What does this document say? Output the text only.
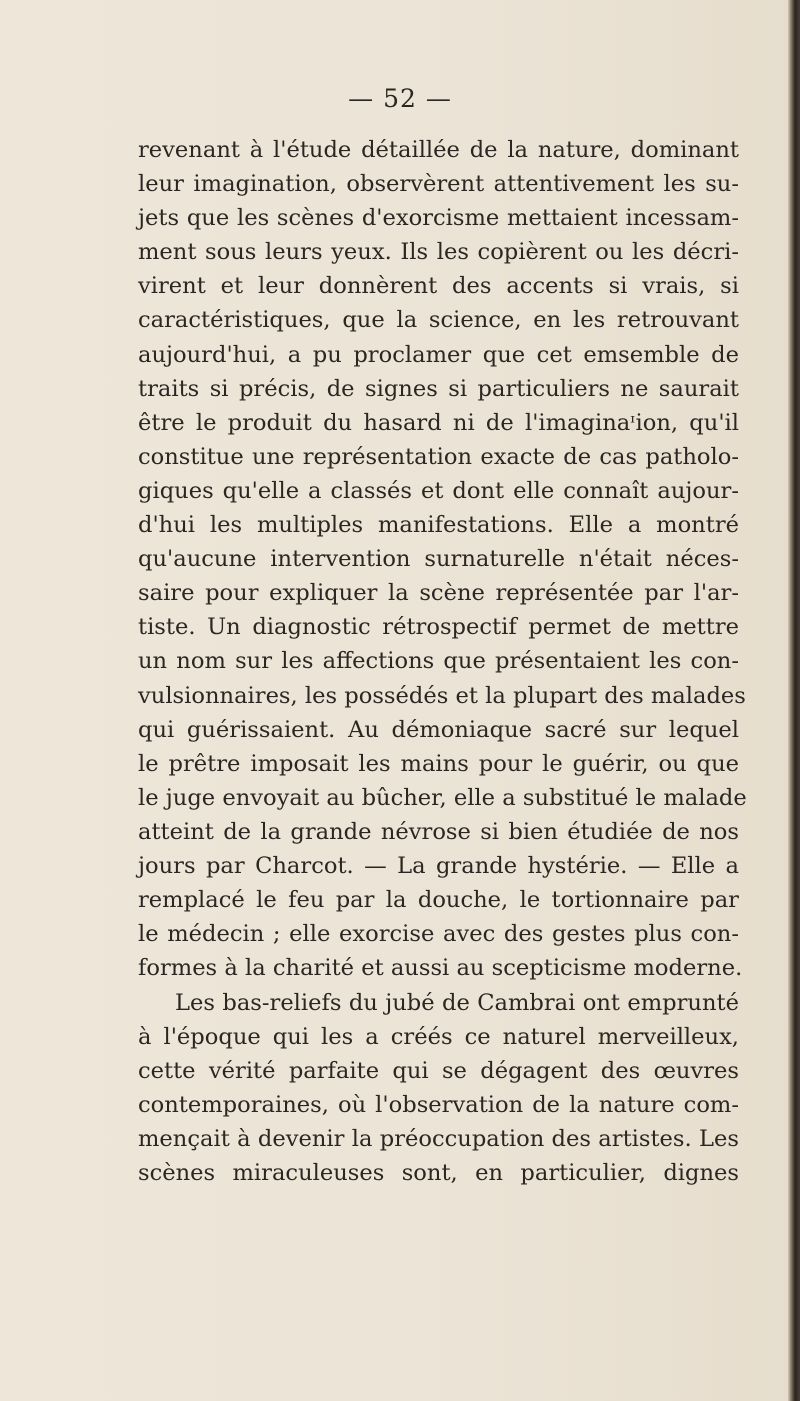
— 52 —
revenant à l'étude détaillée de la nature, dominant
leur imagination, observèrent attentivement les su-
jets que les scènes d'exorcisme mettaient incessam-
ment sous leurs yeux. Ils les copièrent ou les décri-
virent et leur donnèrent des accents si vrais, si
caractéristiques, que la science, en les retrouvant
aujourd'hui, a pu proclamer que cet emsemble de
traits si précis, de signes si particuliers ne saurait
être le produit du hasard ni de l'imaginaᶦion, qu'il
constitue une représentation exacte de cas patholo-
giques qu'elle a classés et dont elle connaît aujour-
d'hui les multiples manifestations. Elle a montré
qu'aucune intervention surnaturelle n'était néces-
saire pour expliquer la scène représentée par l'ar-
tiste. Un diagnostic rétrospectif permet de mettre
un nom sur les affections que présentaient les con-
vulsionnaires, les possédés et la plupart des malades
qui guérissaient. Au démoniaque sacré sur lequel
le prêtre imposait les mains pour le guérir, ou que
le juge envoyait au bûcher, elle a substitué le malade
atteint de la grande névrose si bien étudiée de nos
jours par Charcot. — La grande hystérie. — Elle a
remplacé le feu par la douche, le tortionnaire par
le médecin ; elle exorcise avec des gestes plus con-
formes à la charité et aussi au scepticisme moderne.
Les bas-reliefs du jubé de Cambrai ont emprunté
à l'époque qui les a créés ce naturel merveilleux,
cette vérité parfaite qui se dégagent des œuvres
contemporaines, où l'observation de la nature com-
mençait à devenir la préoccupation des artistes. Les
scènes miraculeuses sont, en particulier, dignes
